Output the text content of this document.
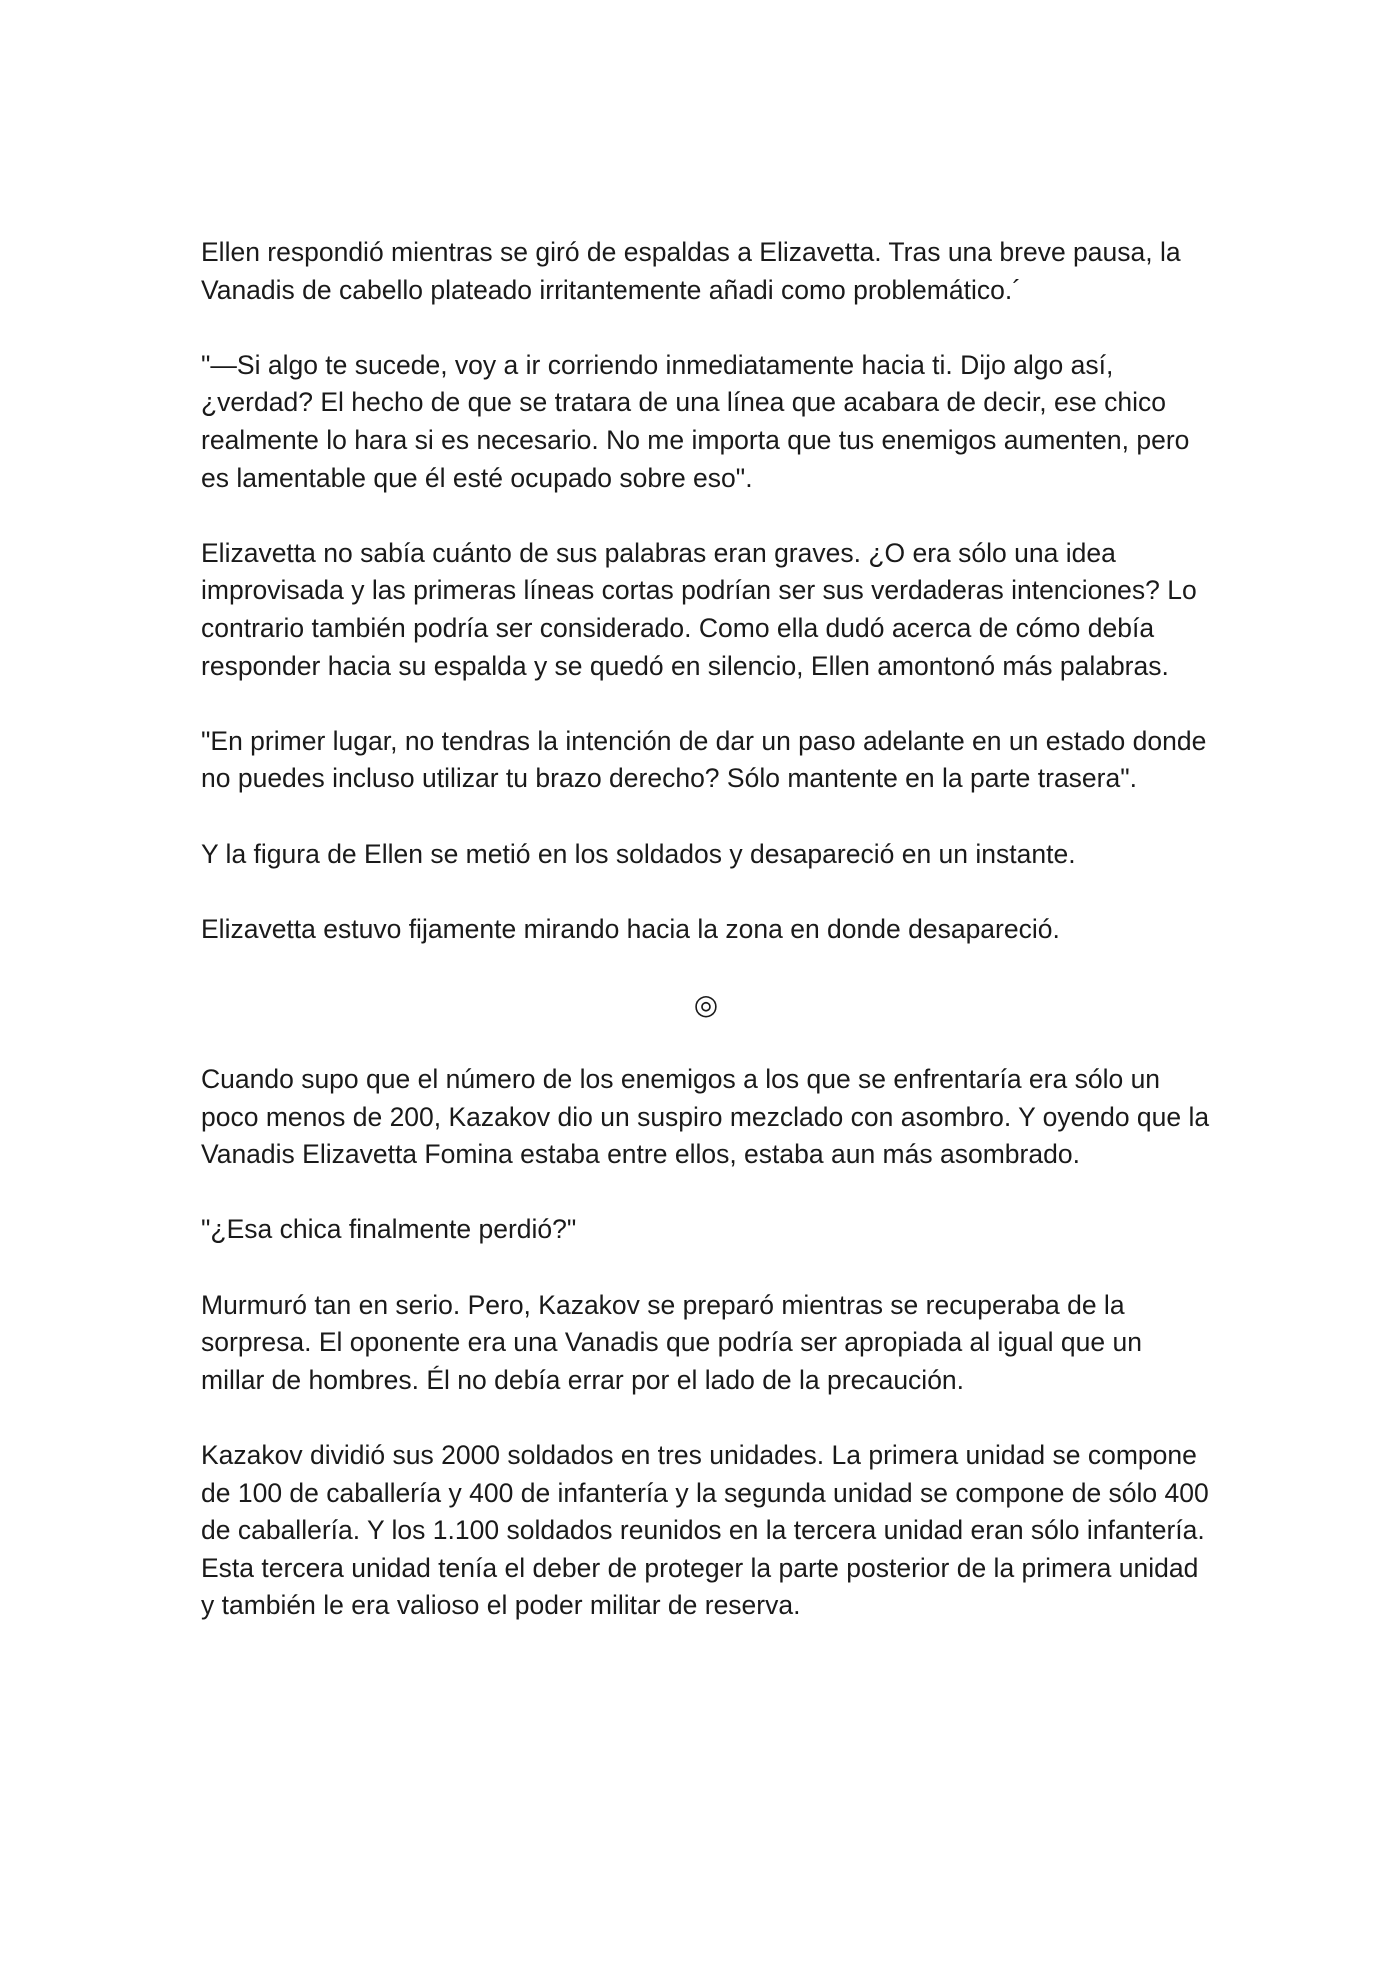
Ellen respondió mientras se giró de espaldas a Elizavetta. Tras una breve pausa, la Vanadis de cabello plateado irritantemente añadi como problemático.´

"—Si algo te sucede, voy a ir corriendo inmediatamente hacia ti. Dijo algo así, ¿verdad? El hecho de que se tratara de una línea que acabara de decir, ese chico realmente lo hara si es necesario. No me importa que tus enemigos aumenten, pero es lamentable que él esté ocupado sobre eso".

Elizavetta no sabía cuánto de sus palabras eran graves. ¿O era sólo una idea improvisada y las primeras líneas cortas podrían ser sus verdaderas intenciones? Lo contrario también podría ser considerado. Como ella dudó acerca de cómo debía responder hacia su espalda y se quedó en silencio, Ellen amontonó más palabras.

"En primer lugar, no tendras la intención de dar un paso adelante en un estado donde no puedes incluso utilizar tu brazo derecho? Sólo mantente en la parte trasera".

Y la figura de Ellen se metió en los soldados y desapareció en un instante.

Elizavetta estuvo fijamente mirando hacia la zona en donde desapareció.

◎

Cuando supo que el número de los enemigos a los que se enfrentaría era sólo un poco menos de 200, Kazakov dio un suspiro mezclado con asombro. Y oyendo que la Vanadis Elizavetta Fomina estaba entre ellos, estaba aun más asombrado.

"¿Esa chica finalmente perdió?"

Murmuró tan en serio. Pero, Kazakov se preparó mientras se recuperaba de la sorpresa. El oponente era una Vanadis que podría ser apropiada al igual que un millar de hombres. Él no debía errar por el lado de la precaución.

Kazakov dividió sus 2000 soldados en tres unidades. La primera unidad se compone de 100 de caballería y 400 de infantería y la segunda unidad se compone de sólo 400 de caballería. Y los 1.100 soldados reunidos en la tercera unidad eran sólo infantería. Esta tercera unidad tenía el deber de proteger la parte posterior de la primera unidad y también le era valioso el poder militar de reserva.
